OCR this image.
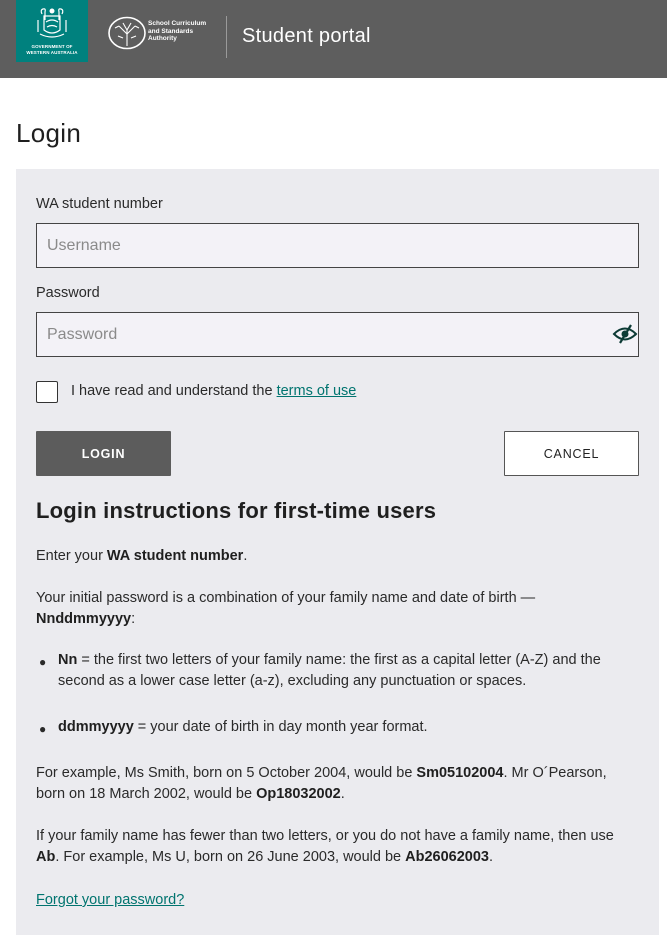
GOVERNMENT OF
WESTERN AUSTRALIA
School Curriculum
and Standards
Authority	Student portal
Login
WA student number
Username
Password
I have read and understand the terms of use
LOGIN	CANCEL
Login instructions for first-time users

Enter your WA student number.

Your initial password is a combination of your family name and date of birth —
Nnddmmyyyy:

● Nn = the first two letters of your family name: the first as a capital letter (A-Z) and the
second as a lower case letter (a-z), excluding any punctuation or spaces.

● ddmmyyyy = your date of birth in day month year format.

For example, Ms Smith, born on 5 October 2004, would be Sm05102004. Mr O´Pearson,
born on 18 March 2002, would be Op18032002.

If your family name has fewer than two letters, or you do not have a family name, then use
Ab. For example, Ms U, born on 26 June 2003, would be Ab26062003.

Forgot your password?
